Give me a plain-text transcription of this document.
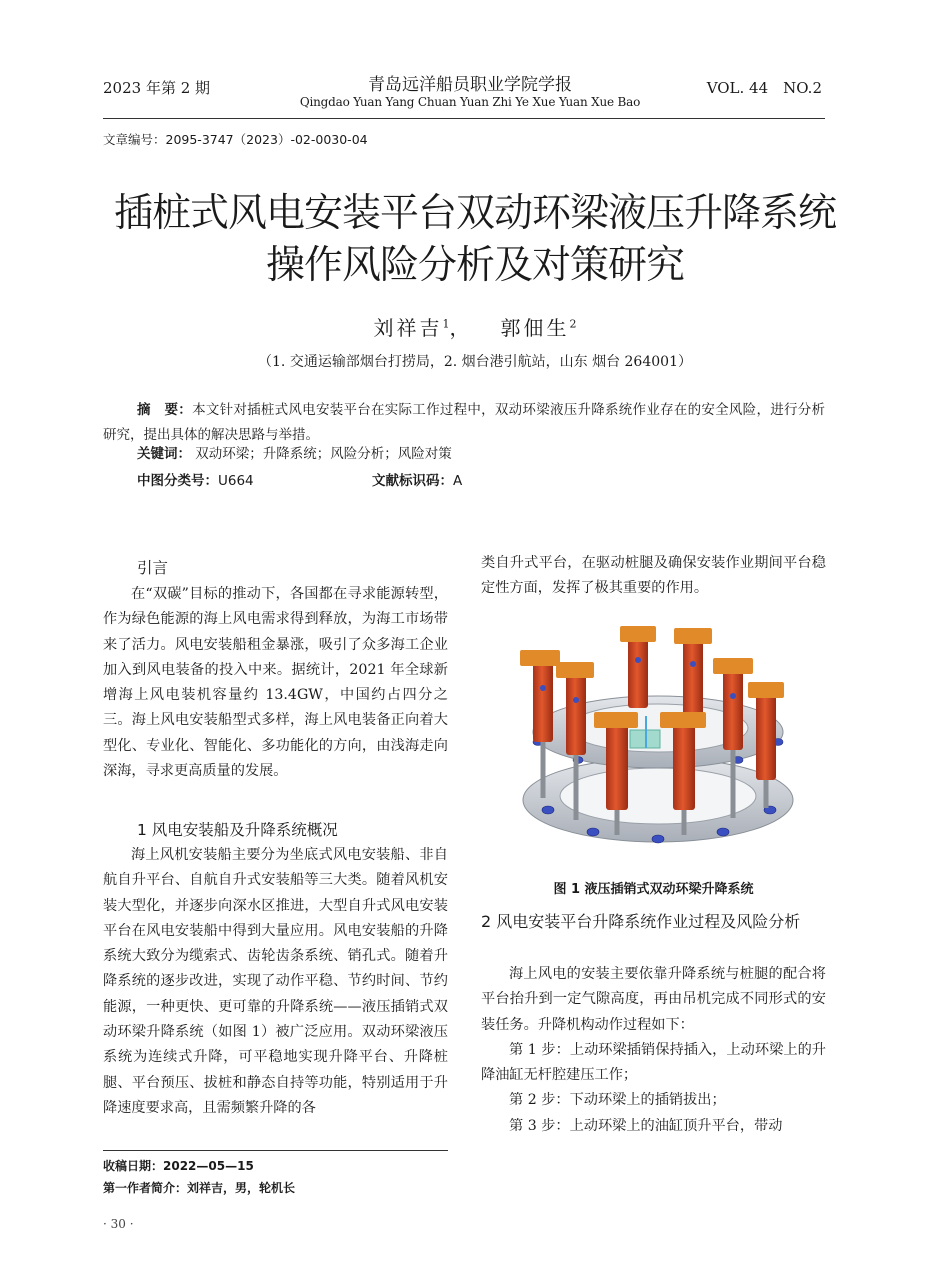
2023 年第 2 期	青岛远洋船员职业学院学报
Qingdao Yuan Yang Chuan Yuan Zhi Ye Xue Yuan Xue Bao
VOL. 44　NO.2
文章编号：2095-3747（2023）-02-0030-04
插桩式风电安装平台双动环梁液压升降系统
操作风险分析及对策研究
刘祥吉$^1$， 郭佃生$^2$
（1. 交通运输部烟台打捞局，2. 烟台港引航站，山东 烟台 264001）
摘　要：本文针对插桩式风电安装平台在实际工作过程中，双动环梁液压升降系统作业存在的安全风险，进行分析研究，提出具体的解决思路与举措。
关键词： 双动环梁；升降系统；风险分析；风险对策
中图分类号：U664	文献标识码：A
引言

在“双碳”目标的推动下，各国都在寻求能源转型，作为绿色能源的海上风电需求得到释放，为海工市场带来了活力。风电安装船租金暴涨，吸引了众多海工企业加入到风电装备的投入中来。据统计，2021 年全球新增海上风电装机容量约 13.4GW，中国约占四分之三。海上风电安装船型式多样，海上风电装备正向着大型化、专业化、智能化、多功能化的方向，由浅海走向深海，寻求更高质量的发展。

1 风电安装船及升降系统概况

海上风机安装船主要分为坐底式风电安装船、非自航自升平台、自航自升式安装船等三大类。随着风机安装大型化，并逐步向深水区推进，大型自升式风电安装平台在风电安装船中得到大量应用。风电安装船的升降系统大致分为缆索式、齿轮齿条系统、销孔式。随着升降系统的逐步改进，实现了动作平稳、节约时间、节约能源，一种更快、更可靠的升降系统——液压插销式双动环梁升降系统（如图 1）被广泛应用。双动环梁液压系统为连续式升降，可平稳地实现升降平台、升降桩腿、平台预压、拔桩和静态自持等功能，特别适用于升降速度要求高，且需频繁升降的各

类自升式平台，在驱动桩腿及确保安装作业期间平台稳定性方面，发挥了极其重要的作用。

图 1 液压插销式双动环梁升降系统
2 风电安装平台升降系统作业过程及风险分析

海上风电的安装主要依靠升降系统与桩腿的配合将平台抬升到一定气隙高度，再由吊机完成不同形式的安装任务。升降机构动作过程如下：

第 1 步：上动环梁插销保持插入，上动环梁上的升降油缸无杆腔建压工作；

第 2 步：下动环梁上的插销拔出；

第 3 步：上动环梁上的油缸顶升平台，带动

收稿日期：2022—05—15
第一作者简介：刘祥吉，男，轮机长
· 30 ·
